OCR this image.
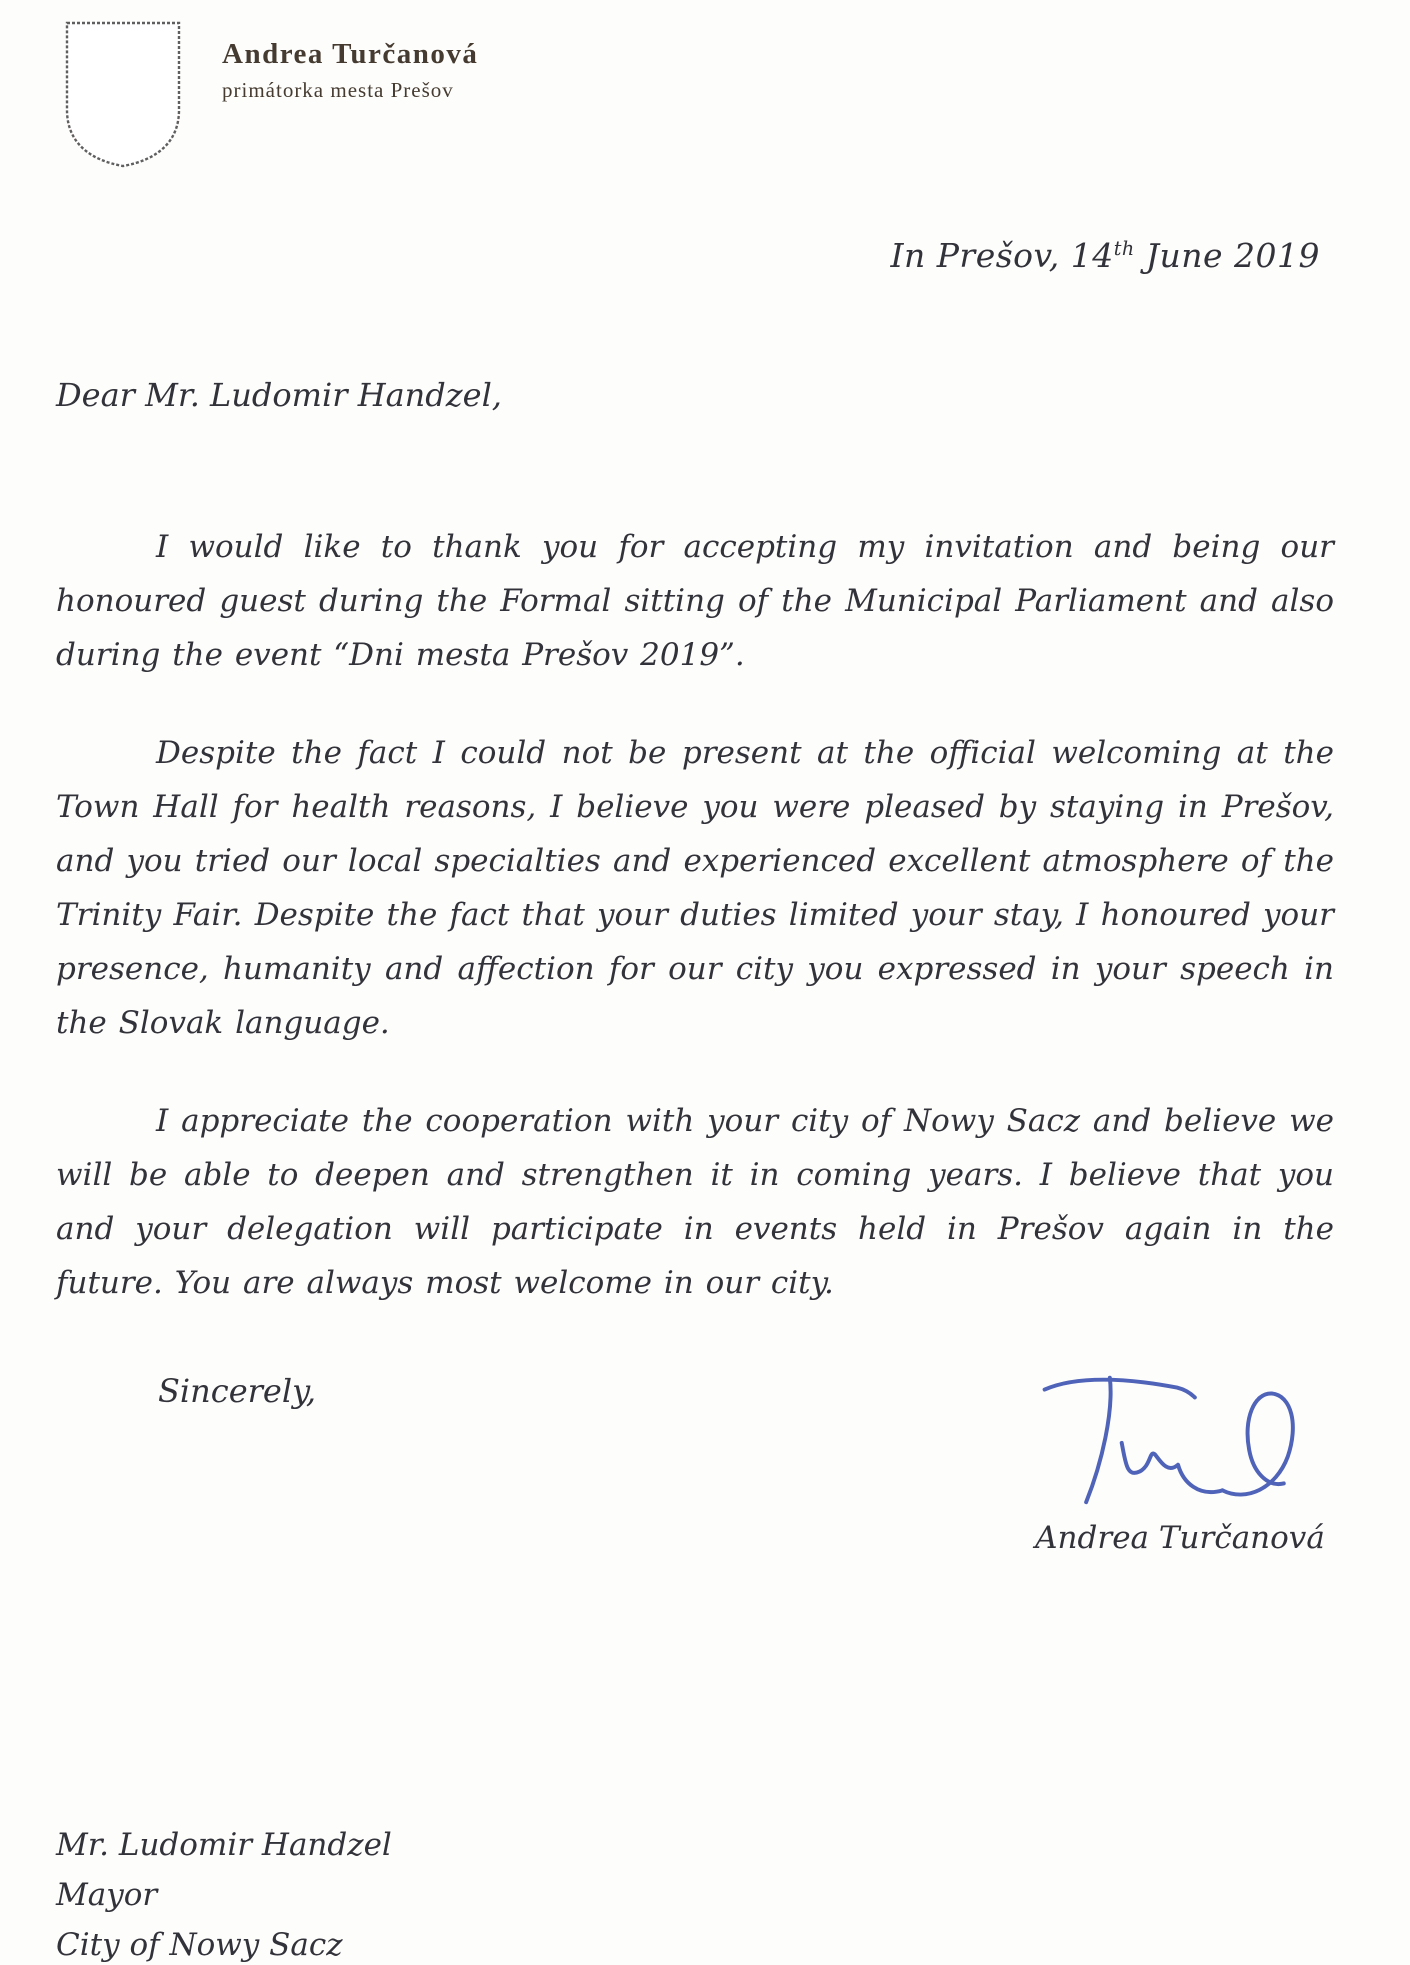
Andrea Turčanová
primátorka mesta Prešov
In Prešov, 14th June 2019
Dear Mr. Ludomir Handzel,

I would like to thank you for accepting my invitation and being our honoured guest during the Formal sitting of the Municipal Parliament and also during the event “Dni mesta Prešov 2019”.

Despite the fact I could not be present at the official welcoming at the Town Hall for health reasons, I believe you were pleased by staying in Prešov, and you tried our local specialties and experienced excellent atmosphere of the Trinity Fair. Despite the fact that your duties limited your stay, I honoured your presence, humanity and affection for our city you expressed in your speech in the Slovak language.

I appreciate the cooperation with your city of Nowy Sacz and believe we will be able to deepen and strengthen it in coming years. I believe that you and your delegation will participate in events held in Prešov again in the future. You are always most welcome in our city.

Sincerely,
Andrea Turčanová
Mr. Ludomir Handzel
Mayor
City of Nowy Sacz
